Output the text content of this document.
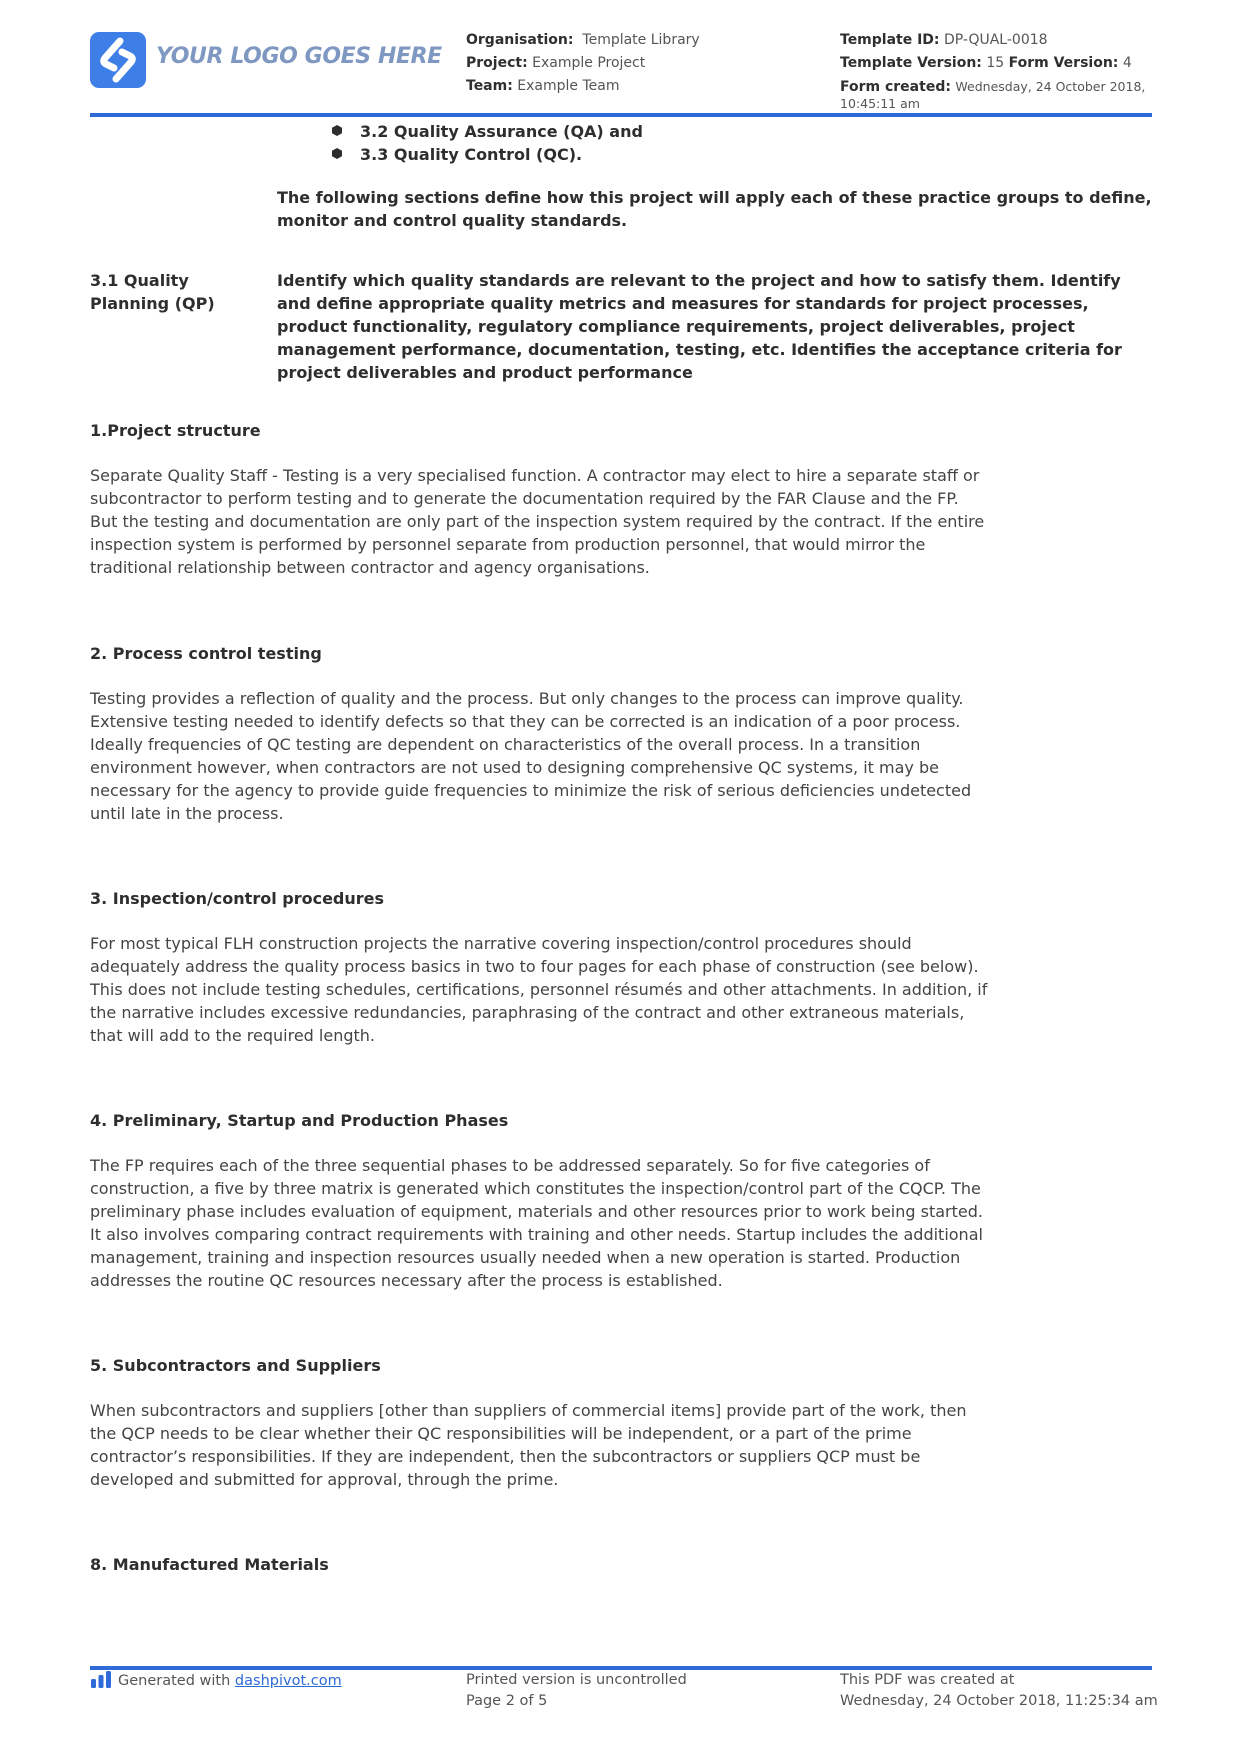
YOUR LOGO GOES HERE
Organisation: Template Library
Project: Example Project
Team: Example Team
Template ID: DP-QUAL-0018
Template Version: 15 Form Version: 4
Form created: Wednesday, 24 October 2018,
10:45:11 am
3.2 Quality Assurance (QA) and
3.3 Quality Control (QC).
The following sections define how this project will apply each of these practice groups to define, monitor and control quality standards.
3.1 Quality Planning (QP)
Identify which quality standards are relevant to the project and how to satisfy them. Identify and define appropriate quality metrics and measures for standards for project processes, product functionality, regulatory compliance requirements, project deliverables, project management performance, documentation, testing, etc. Identifies the acceptance criteria for project deliverables and product performance
1.Project structure
Separate Quality Staff - Testing is a very specialised function. A contractor may elect to hire a separate staff or subcontractor to perform testing and to generate the documentation required by the FAR Clause and the FP. But the testing and documentation are only part of the inspection system required by the contract. If the entire inspection system is performed by personnel separate from production personnel, that would mirror the traditional relationship between contractor and agency organisations.
2. Process control testing
Testing provides a reflection of quality and the process. But only changes to the process can improve quality. Extensive testing needed to identify defects so that they can be corrected is an indication of a poor process. Ideally frequencies of QC testing are dependent on characteristics of the overall process. In a transition environment however, when contractors are not used to designing comprehensive QC systems, it may be necessary for the agency to provide guide frequencies to minimize the risk of serious deficiencies undetected until late in the process.
3. Inspection/control procedures
For most typical FLH construction projects the narrative covering inspection/control procedures should adequately address the quality process basics in two to four pages for each phase of construction (see below). This does not include testing schedules, certifications, personnel résumés and other attachments. In addition, if the narrative includes excessive redundancies, paraphrasing of the contract and other extraneous materials, that will add to the required length.
4. Preliminary, Startup and Production Phases
The FP requires each of the three sequential phases to be addressed separately. So for five categories of construction, a five by three matrix is generated which constitutes the inspection/control part of the CQCP. The preliminary phase includes evaluation of equipment, materials and other resources prior to work being started. It also involves comparing contract requirements with training and other needs. Startup includes the additional management, training and inspection resources usually needed when a new operation is started. Production addresses the routine QC resources necessary after the process is established.
5. Subcontractors and Suppliers
When subcontractors and suppliers [other than suppliers of commercial items] provide part of the work, then the QCP needs to be clear whether their QC responsibilities will be independent, or a part of the prime contractor’s responsibilities. If they are independent, then the subcontractors or suppliers QCP must be developed and submitted for approval, through the prime.
8. Manufactured Materials
Generated with dashpivot.com	Printed version is uncontrolled
Page 2 of 5
This PDF was created at
Wednesday, 24 October 2018, 11:25:34 am
